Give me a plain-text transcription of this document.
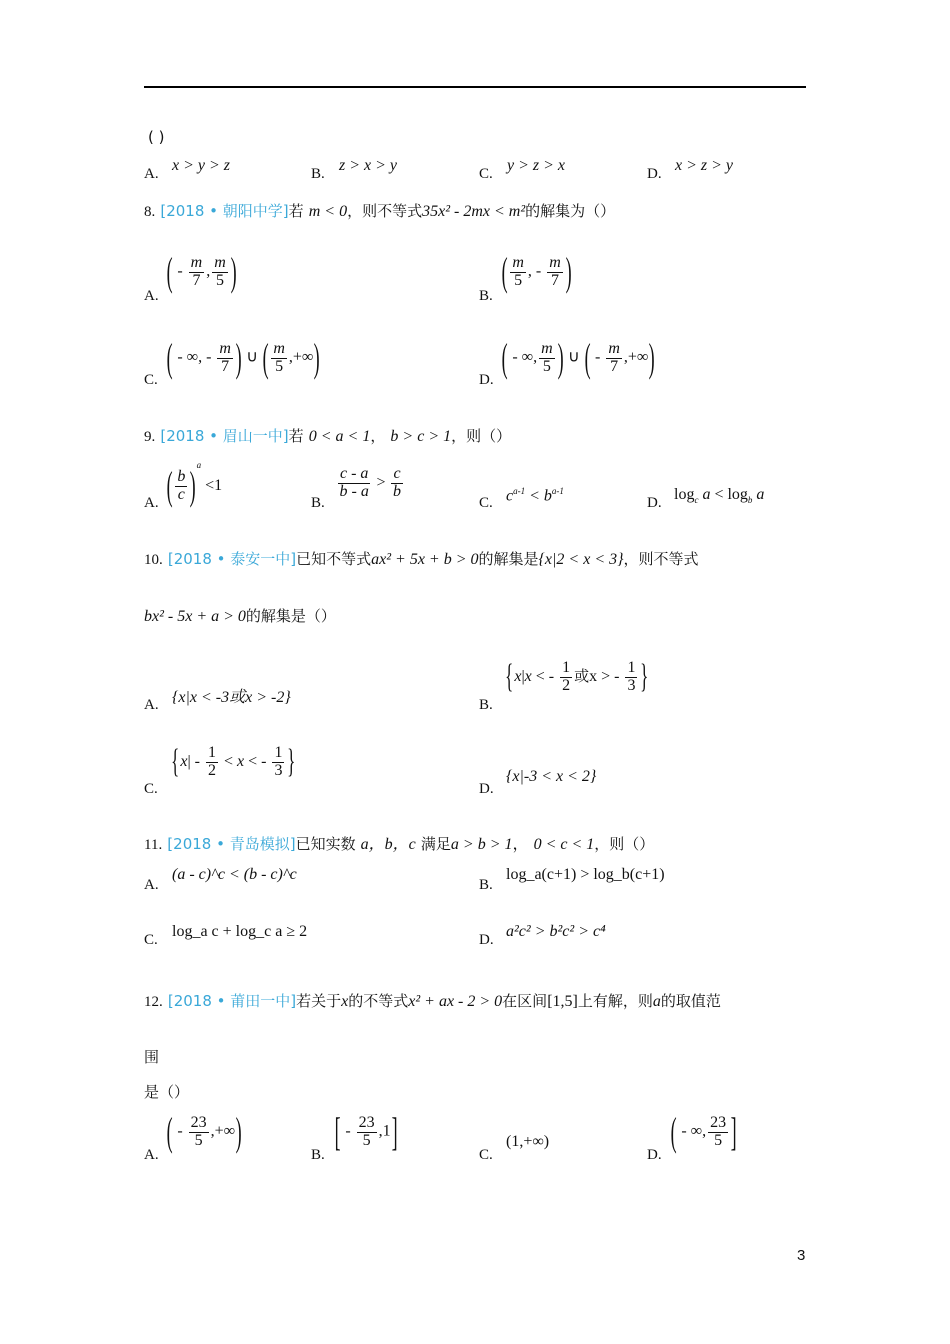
( )
A. x > y > z	B. z > x > y	C. y > z > x	D. x > z > y
8. [2018 • 朝阳中学]若 m < 0，则不等式35x² - 2mx < m²的解集为（）
A.
( - $\frac{m}{7}$ , $\frac{m}{5}$ )
B.
( $\frac{m}{5}$ , - $\frac{m}{7}$ )
C. ( - ∞, - $\frac{m}{7}$ ) ∪ ( $\frac{m}{5}$ ,+∞)	D. ( - ∞, $\frac{m}{5}$ ) ∪ ( - $\frac{m}{7}$ ,+∞)
9. [2018 • 眉山一中]若 0 < a < 1， b > c > 1，则（）
A. ( $\frac{b}{c} )^a <1$
B.
$\frac{c - a}{b - a} > \frac{c}{b}$
C. $c^{a-1} < b^{a-1}$
D. $\log_c a < \log_b a$
10. [2018 • 泰安一中]已知不等式ax² + 5x + b > 0的解集是{x|2 < x < 3}，则不等式
bx² - 5x + a > 0的解集是（）
A. {x|x < -3或x > -2}	B.
{x|x < - $\frac{1}{2}$ 或x > - $\frac{1}{3}$ }
C.
{$x| - \frac{1}{2} < x$ < - $\frac{1}{3}$ }
D.
{x|-3 < x < 2}
11. [2018 • 青岛模拟]已知实数 a，b，c 满足a > b > 1， 0 < c < 1，则（）
A.
(a - c)^c < (b - c)^c
B.
log_a(c+1) > log_b(c+1)
C. log_a c + log_c a ≥ 2	D. a²c² > b²c² > c⁴
12. [2018 • 莆田一中]若关于x的不等式x² + ax - 2 > 0在区间[1,5]上有解，则a的取值范
围
是（）
A.
( - $\frac{23}{5}$ ,+∞)
B.
[ - $\frac{23}{5} ,1$]
C.
(1,+∞)
D.
( - ∞, $\frac{23}{5}$ ]
3
